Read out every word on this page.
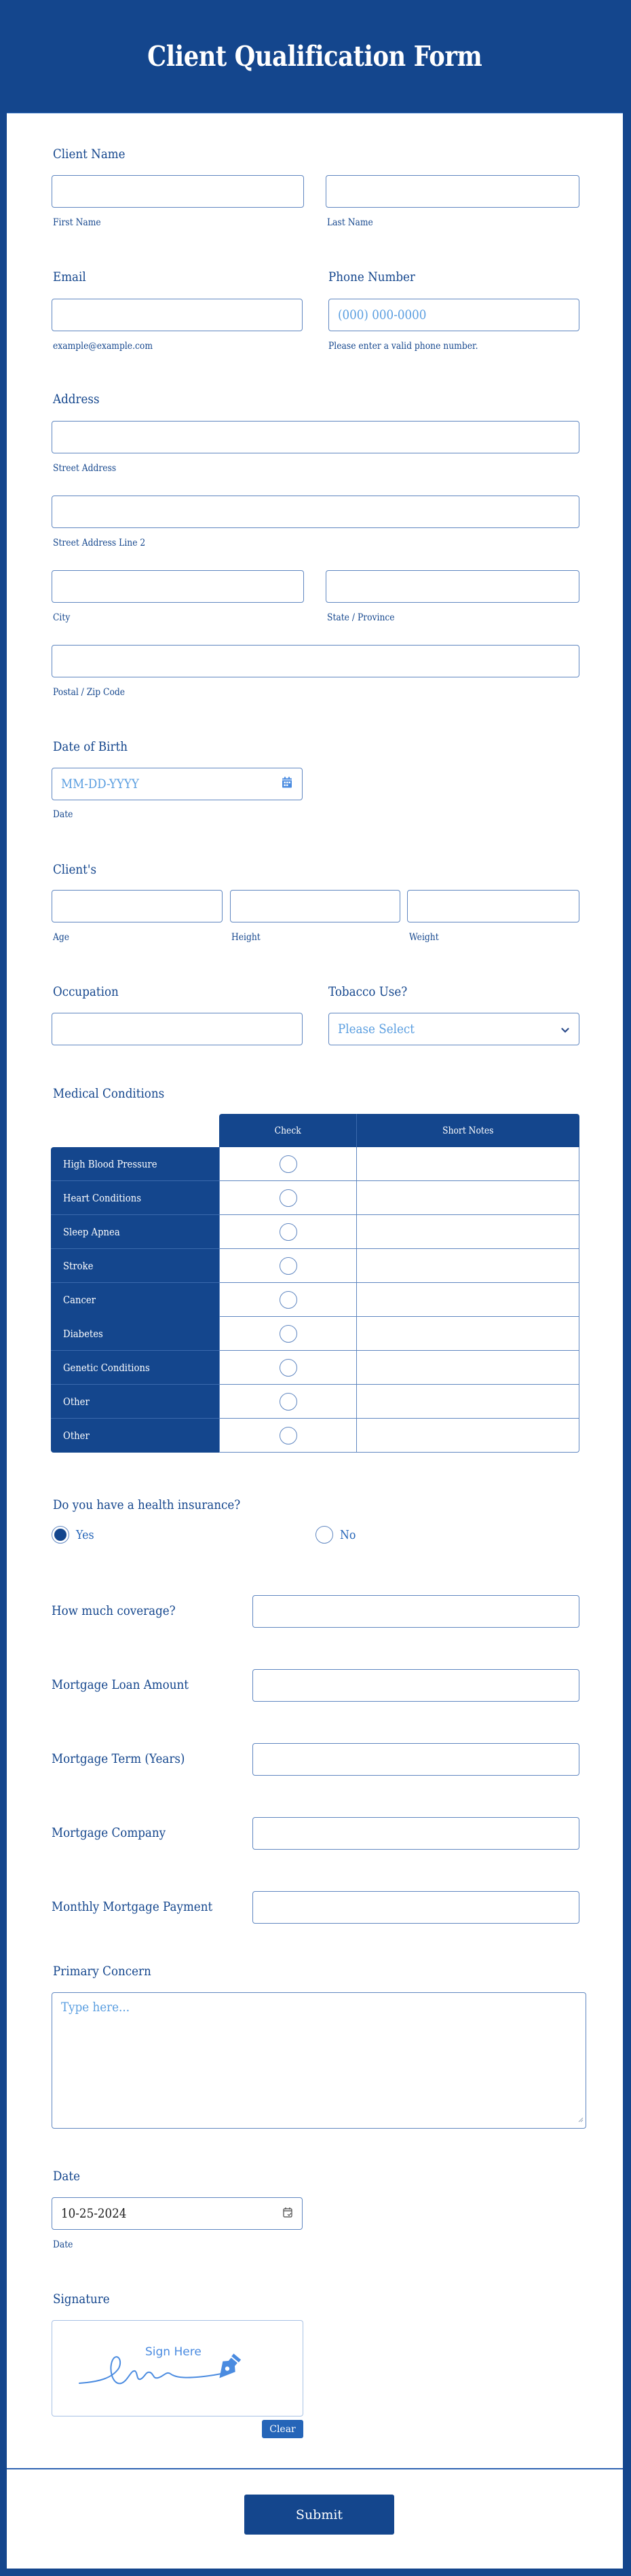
Client Qualification Form
Client Name
First Name	Last Name
Email	Phone Number
(000) 000-0000
example@example.com	Please enter a valid phone number.
Address
Street Address
Street Address Line 2
City	State / Province
Postal / Zip Code
Date of Birth
MM-DD-YYYY
Date
Client's
Age	Height	Weight
Occupation	Tobacco Use?
Please Select
Medical Conditions
Check	Short Notes
High Blood Pressure
Heart Conditions
Sleep Apnea
Stroke
Cancer
Diabetes
Genetic Conditions
Other
Other
Do you have a health insurance?
Yes	No
How much coverage?
Mortgage Loan Amount
Mortgage Term (Years)
Mortgage Company
Monthly Mortgage Payment
Primary Concern
Type here...
Date
10-25-2024
Date
Signature
Sign Here
Clear
Submit
